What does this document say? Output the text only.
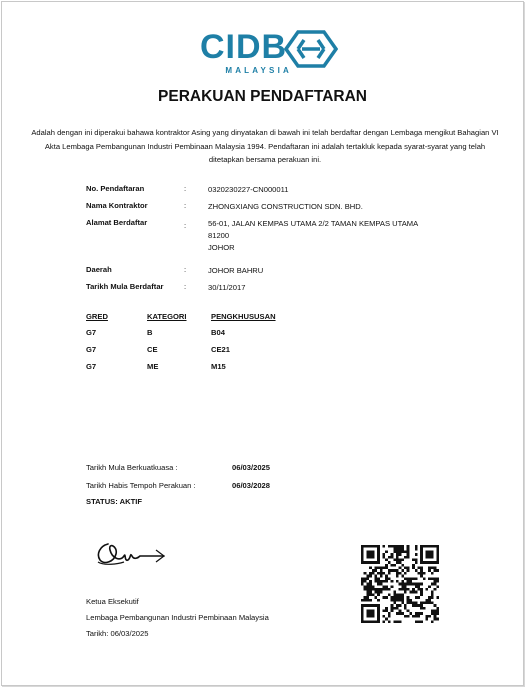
CIDB
MALAYSIA
PERAKUAN PENDAFTARAN
Adalah dengan ini diperakui bahawa kontraktor Asing yang dinyatakan di bawah ini telah berdaftar dengan Lembaga mengikut Bahagian VI Akta Lembaga Pembangunan Industri Pembinaan Malaysia 1994. Pendaftaran ini adalah tertakluk kepada syarat-syarat yang telah ditetapkan bersama perakuan ini.
No. Pendaftaran	:	0320230227-CN000011
Nama Kontraktor	:	ZHONGXIANG CONSTRUCTION SDN. BHD.
Alamat Berdaftar	:	56-01, JALAN KEMPAS UTAMA 2/2 TAMAN KEMPAS UTAMA
81200
JOHOR
Daerah	:	JOHOR BAHRU
Tarikh Mula Berdaftar	:	30/11/2017
GRED	KATEGORI	PENGKHUSUSAN
G7	B	B04
G7	CE	CE21
G7	ME	M15
Tarikh Mula Berkuatkuasa :	06/03/2025
Tarikh Habis Tempoh Perakuan :	06/03/2028
STATUS: AKTIF
Ketua Eksekutif
Lembaga Pembangunan Industri Pembinaan Malaysia
Tarikh: 06/03/2025
